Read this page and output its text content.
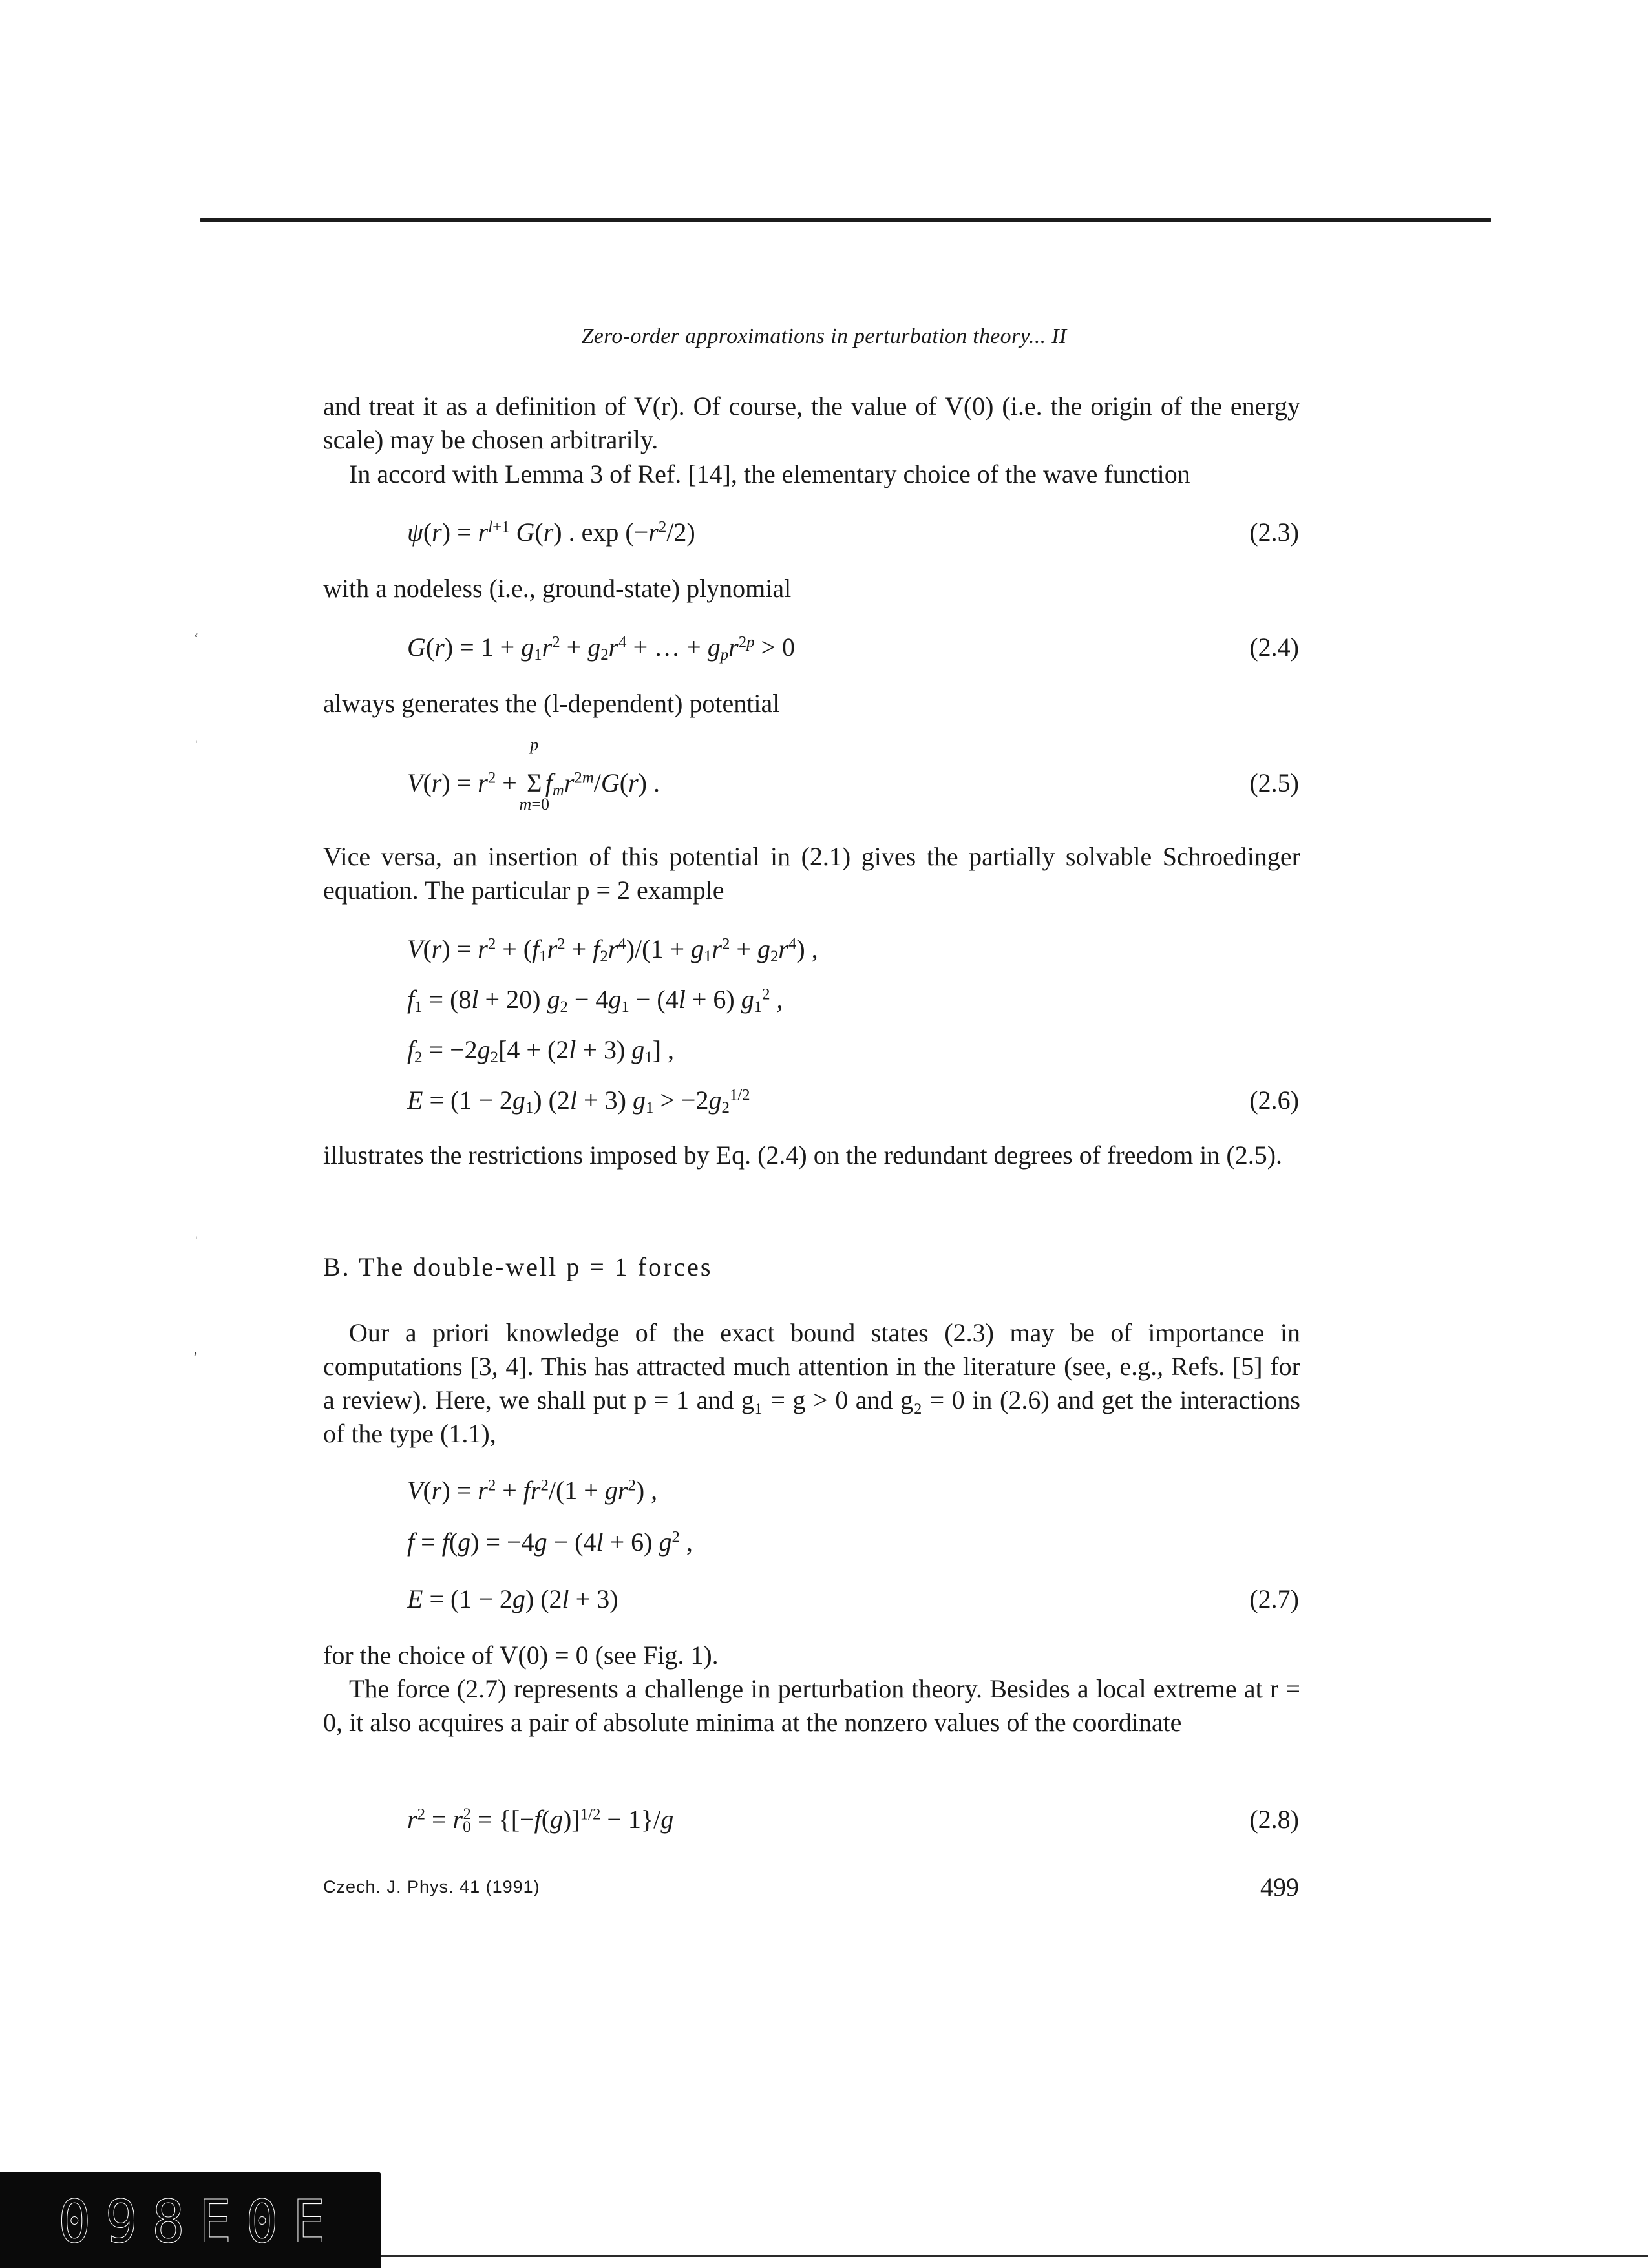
Zero-order approximations in perturbation theory... II
and treat it as a definition of V(r). Of course, the value of V(0) (i.e. the origin of the energy scale) may be chosen arbitrarily.
In accord with Lemma 3 of Ref. [14], the elementary choice of the wave function
$\psi(r) = r^{l+1}$ G(r) . $\exp (-r^2/2)$	(2.3)
with a nodeless (i.e., ground-state) plynomial
$G(r) = 1 + g_1r^2 + g_2r^4$ + … + $g_pr^{2p} > 0$	(2.4)
always generates the (l-dependent) potential
$V(r) = r^2$ +
p
Σ
m=0
$f_mr^{2m}/G(r)$ .	(2.5)
Vice versa, an insertion of this potential in (2.1) gives the partially solvable Schroedinger equation. The particular p = 2 example
$V(r) = r^2 + (f_1r^2 + f_2r^4)/(1 + g_1r^2 + g_2r^4)$ ,
$f_1 = (8l + 20) g_2 - 4g_1 - (4l + 6)$ $g_1^2$ ,
$f_2 = -2g_2[4 + (2l + 3)$ $g_1$] ,
$E = (1 - 2g_1)$ (2l + 3) $g_1 > -2g_2^{1/2}$	(2.6)
illustrates the restrictions imposed by Eq. (2.4) on the redundant degrees of freedom in (2.5).
B. The double-well p = 1 forces
Our a priori knowledge of the exact bound states (2.3) may be of importance in computations [3, 4]. This has attracted much attention in the literature (see, e.g., Refs. [5] for a review). Here, we shall put p = 1 and g₁ = g > 0 and g₂ = 0 in (2.6) and get the interactions of the type (1.1),
$V(r) = r^2 + fr^2/(1 + gr^2)$ ,
f = f(g) = −4g − (4l + 6) $g^2$ ,
E = (1 − 2g) (2l + 3)	(2.7)
for the choice of V(0) = 0 (see Fig. 1).
The force (2.7) represents a challenge in perturbation theory. Besides a local extreme at r = 0, it also acquires a pair of absolute minima at the nonzero values of the coordinate
$r^2 = r_0^2 = \{[-f(g)]^{1/2} - 1\}/g$	(2.8)
Czech. J. Phys. 41 (1991)	499
‘
ˈ
ˈ
,
098E0E
